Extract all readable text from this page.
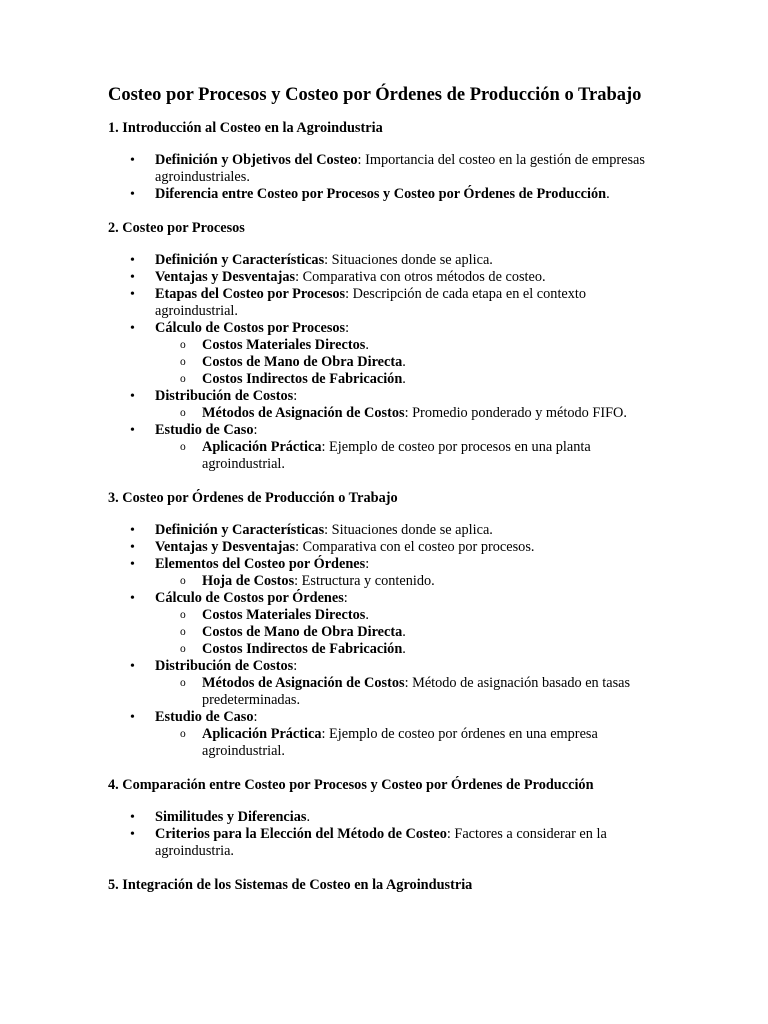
Costeo por Procesos y Costeo por Órdenes de Producción o Trabajo
1. Introducción al Costeo en la Agroindustria
• Definición y Objetivos del Costeo: Importancia del costeo en la gestión de empresas agroindustriales.
• Diferencia entre Costeo por Procesos y Costeo por Órdenes de Producción.
2. Costeo por Procesos
• Definición y Características: Situaciones donde se aplica.
• Ventajas y Desventajas: Comparativa con otros métodos de costeo.
• Etapas del Costeo por Procesos: Descripción de cada etapa en el contexto agroindustrial.
• Cálculo de Costos por Procesos:
o Costos Materiales Directos.
o Costos de Mano de Obra Directa.
o Costos Indirectos de Fabricación.
• Distribución de Costos:
o Métodos de Asignación de Costos: Promedio ponderado y método FIFO.
• Estudio de Caso:
o Aplicación Práctica: Ejemplo de costeo por procesos en una planta agroindustrial.
3. Costeo por Órdenes de Producción o Trabajo
• Definición y Características: Situaciones donde se aplica.
• Ventajas y Desventajas: Comparativa con el costeo por procesos.
• Elementos del Costeo por Órdenes:
o Hoja de Costos: Estructura y contenido.
• Cálculo de Costos por Órdenes:
o Costos Materiales Directos.
o Costos de Mano de Obra Directa.
o Costos Indirectos de Fabricación.
• Distribución de Costos:
o Métodos de Asignación de Costos: Método de asignación basado en tasas predeterminadas.
• Estudio de Caso:
o Aplicación Práctica: Ejemplo de costeo por órdenes en una empresa agroindustrial.
4. Comparación entre Costeo por Procesos y Costeo por Órdenes de Producción
• Similitudes y Diferencias.
• Criterios para la Elección del Método de Costeo: Factores a considerar en la agroindustria.
5. Integración de los Sistemas de Costeo en la Agroindustria
